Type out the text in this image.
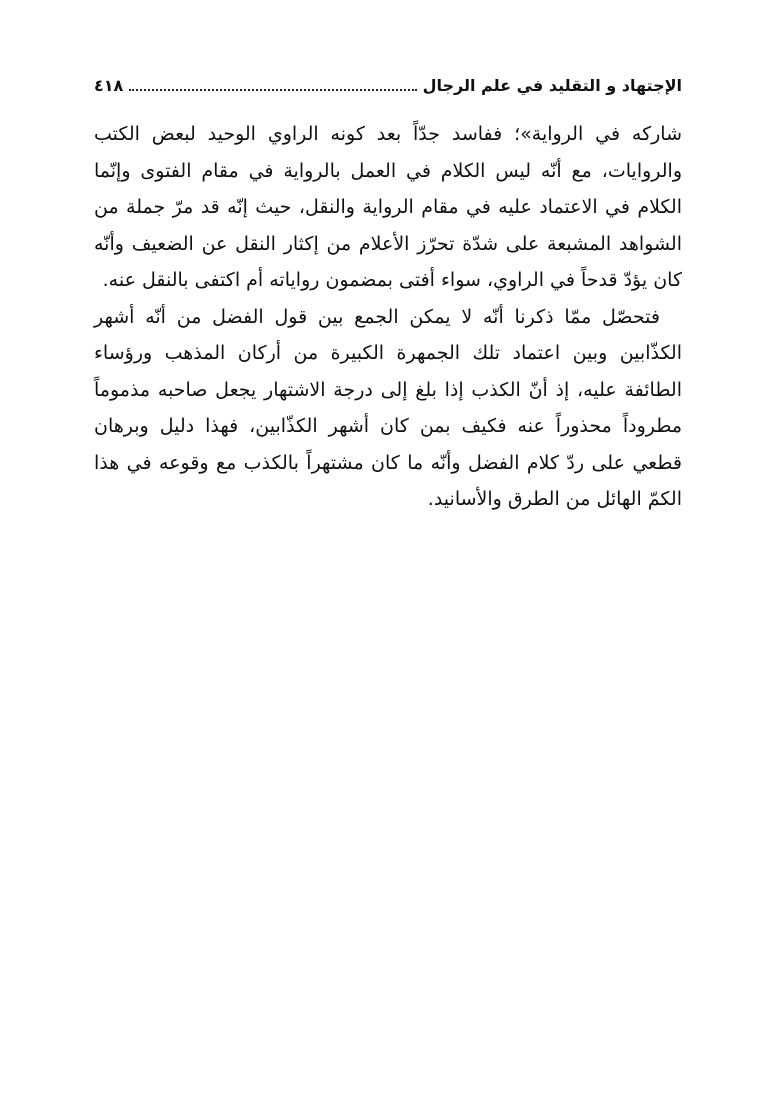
الإجتهاد و التقليد في علم الرجال
٤١٨

شاركه في الرواية»؛ ففاسد جدّاً بعد كونه الراوي الوحيد لبعض الكتب والروايات، مع أنّه ليس الكلام في العمل بالرواية في مقام الفتوى وإنّما الكلام في الاعتماد عليه في مقام الرواية والنقل، حيث إنّه قد مرّ جملة من الشواهد المشبعة على شدّة تحرّز الأعلام من إكثار النقل عن الضعيف وأنّه كان يؤدّ قدحاً في الراوي، سواء أفتى بمضمون رواياته أم اكتفى بالنقل عنه.

فتحصّل ممّا ذكرنا أنّه لا يمكن الجمع بين قول الفضل من أنّه أشهر الكذّابين وبين اعتماد تلك الجمهرة الكبيرة من أركان المذهب ورؤساء الطائفة عليه، إذ أنّ الكذب إذا بلغ إلى درجة الاشتهار يجعل صاحبه مذموماً مطروداً محذوراً عنه فكيف بمن كان أشهر الكذّابين، فهذا دليل وبرهان قطعي على ردّ كلام الفضل وأنّه ما كان مشتهراً بالكذب مع وقوعه في هذا الكمّ الهائل من الطرق والأسانيد.
